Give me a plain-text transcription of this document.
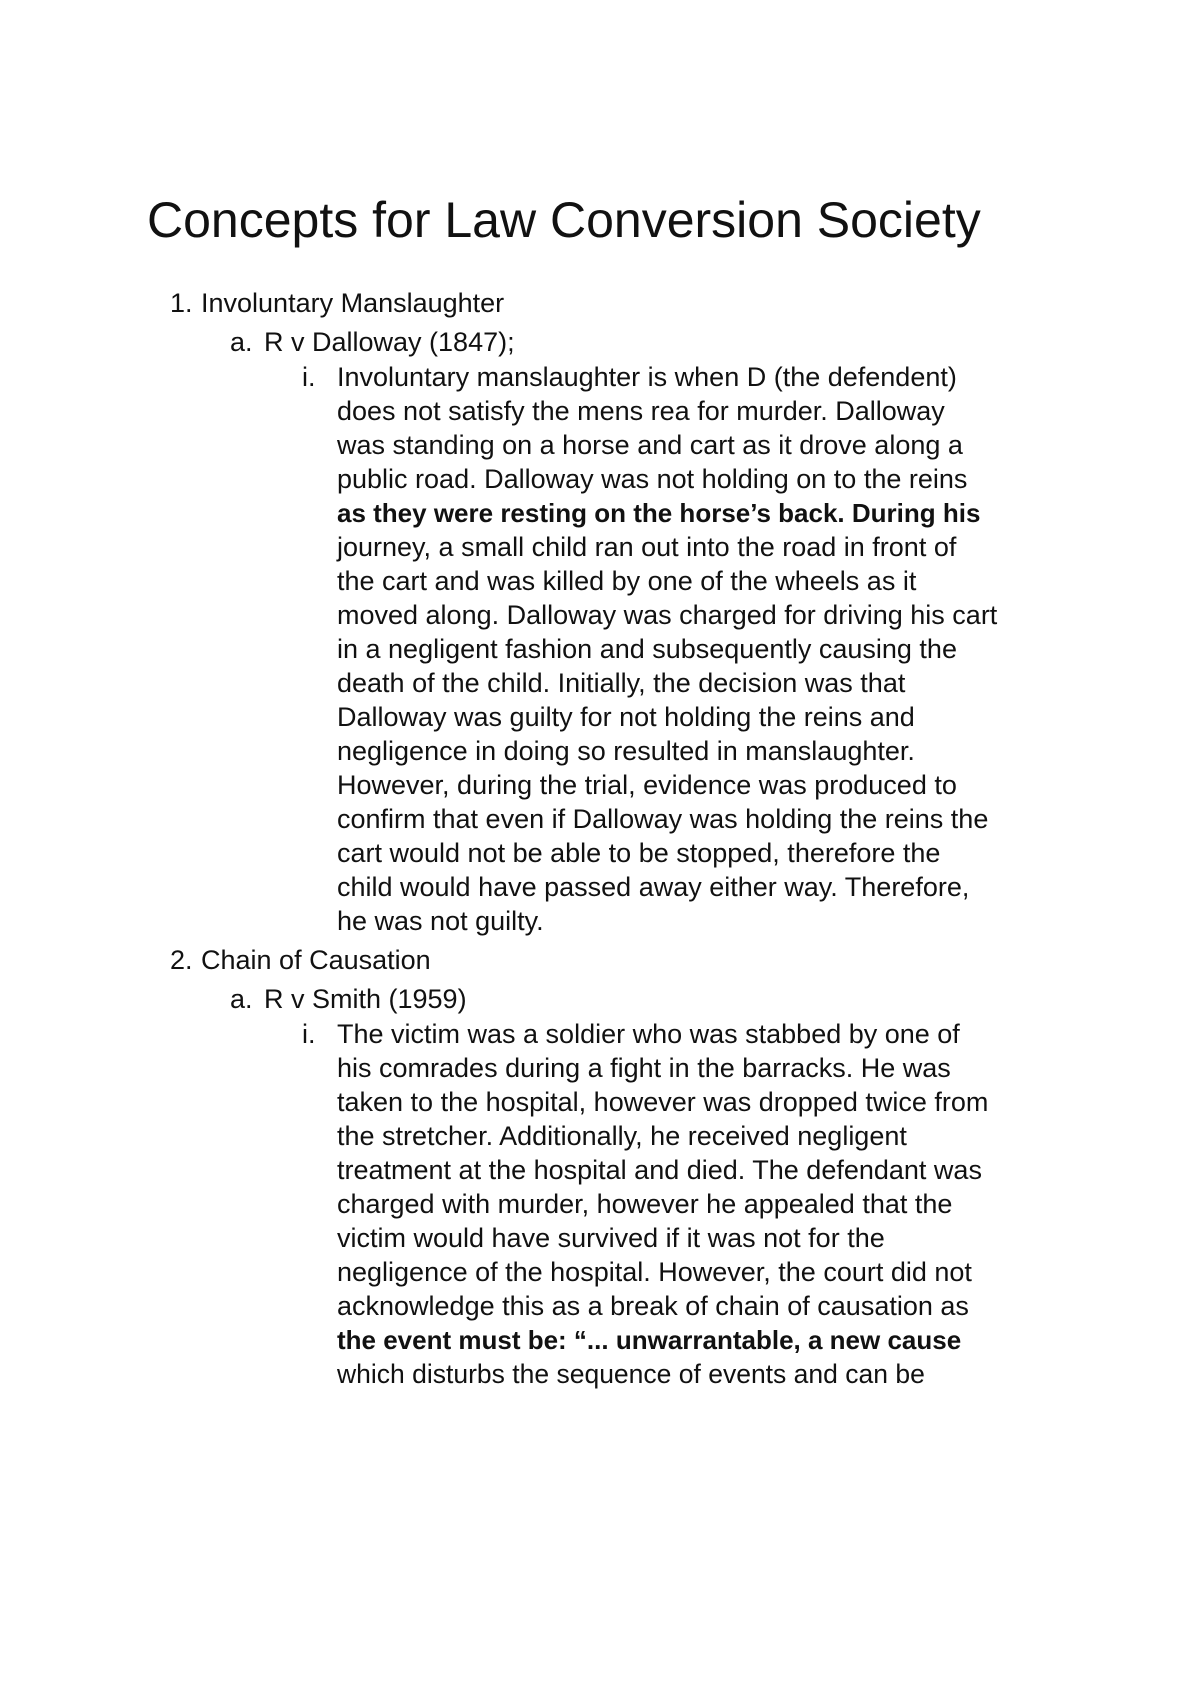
Concepts for Law Conversion Society
1. Involuntary Manslaughter
a. R v Dalloway (1847);
i. Involuntary manslaughter is when D (the defendent)
does not satisfy the mens rea for murder. Dalloway
was standing on a horse and cart as it drove along a
public road. Dalloway was not holding on to the reins
as they were resting on the horse’s back. During his
journey, a small child ran out into the road in front of
the cart and was killed by one of the wheels as it
moved along. Dalloway was charged for driving his cart
in a negligent fashion and subsequently causing the
death of the child. Initially, the decision was that
Dalloway was guilty for not holding the reins and
negligence in doing so resulted in manslaughter.
However, during the trial, evidence was produced to
confirm that even if Dalloway was holding the reins the
cart would not be able to be stopped, therefore the
child would have passed away either way. Therefore,
he was not guilty.
2. Chain of Causation
a. R v Smith (1959)
i. The victim was a soldier who was stabbed by one of
his comrades during a fight in the barracks. He was
taken to the hospital, however was dropped twice from
the stretcher. Additionally, he received negligent
treatment at the hospital and died. The defendant was
charged with murder, however he appealed that the
victim would have survived if it was not for the
negligence of the hospital. However, the court did not
acknowledge this as a break of chain of causation as
the event must be: “... unwarrantable, a new cause
which disturbs the sequence of events and can be
